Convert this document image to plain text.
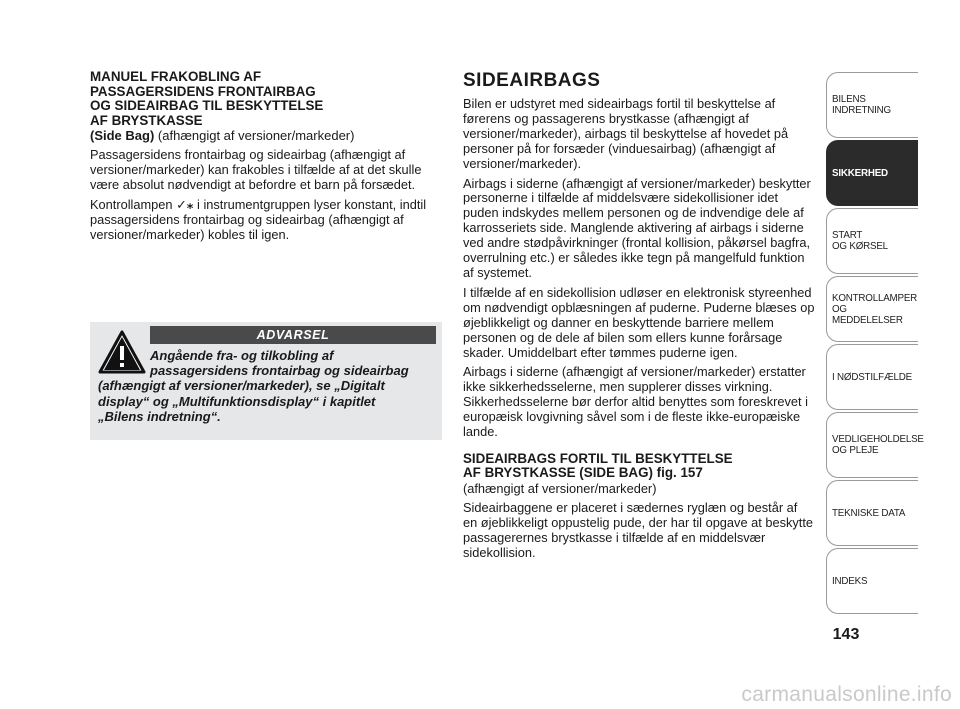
MANUEL FRAKOBLING AF
PASSAGERSIDENS FRONTAIRBAG
OG SIDEAIRBAG TIL BESKYTTELSE
AF BRYSTKASSE
(Side Bag) (afhængigt af versioner/markeder)

Passagersidens frontairbag og sideairbag (afhængigt af versioner/markeder) kan frakobles i tilfælde af at det skulle være absolut nødvendigt at befordre et barn på forsædet.

Kontrollampen ✓⁎ i instrumentgruppen lyser konstant, indtil passagersidens frontairbag og sideairbag (afhængigt af versioner/markeder) kobles til igen.

ADVARSEL
Angående fra- og tilkobling af
passagersidens frontairbag og sideairbag
(afhængigt af versioner/markeder), se „Digitalt
display“ og „Multifunktionsdisplay“ i kapitlet
„Bilens indretning“.
SIDEAIRBAGS

Bilen er udstyret med sideairbags fortil til beskyttelse af førerens og passagerens brystkasse (afhængigt af versioner/markeder), airbags til beskyttelse af hovedet på personer på for forsæder (vinduesairbag) (afhængigt af versioner/markeder).

Airbags i siderne (afhængigt af versioner/markeder) beskytter personerne i tilfælde af middelsvære sidekollisioner idet puden indskydes mellem personen og de indvendige dele af karrosseriets side. Manglende aktivering af airbags i siderne ved andre stødpåvirkninger (frontal kollision, påkørsel bagfra, overrulning etc.) er således ikke tegn på mangelfuld funktion af systemet.

I tilfælde af en sidekollision udløser en elektronisk styreenhed om nødvendigt opblæsningen af puderne. Puderne blæses op øjeblikkeligt og danner en beskyttende barriere mellem personen og de dele af bilen som ellers kunne forårsage skader. Umiddelbart efter tømmes puderne igen.

Airbags i siderne (afhængigt af versioner/markeder) erstatter ikke sikkerhedsselerne, men supplerer disses virkning. Sikkerhedsselerne bør derfor altid benyttes som foreskrevet i europæisk lovgivning såvel som i de fleste ikke-europæiske lande.

SIDEAIRBAGS FORTIL TIL BESKYTTELSE
AF BRYSTKASSE (SIDE BAG) fig. 157
(afhængigt af versioner/markeder)

Sideairbaggene er placeret i sædernes ryglæn og består af en øjeblikkeligt oppustelig pude, der har til opgave at beskytte passagerernes brystkasse i tilfælde af en middelsvær sidekollision.

BILENS
INDRETNING
SIKKERHED
START
OG KØRSEL
KONTROLLAMPER
OG MEDDELELSER
I NØDSTILFÆLDE
VEDLIGEHOLDELSE
OG PLEJE
TEKNISKE DATA
INDEKS
143
carmanualsonline.info
